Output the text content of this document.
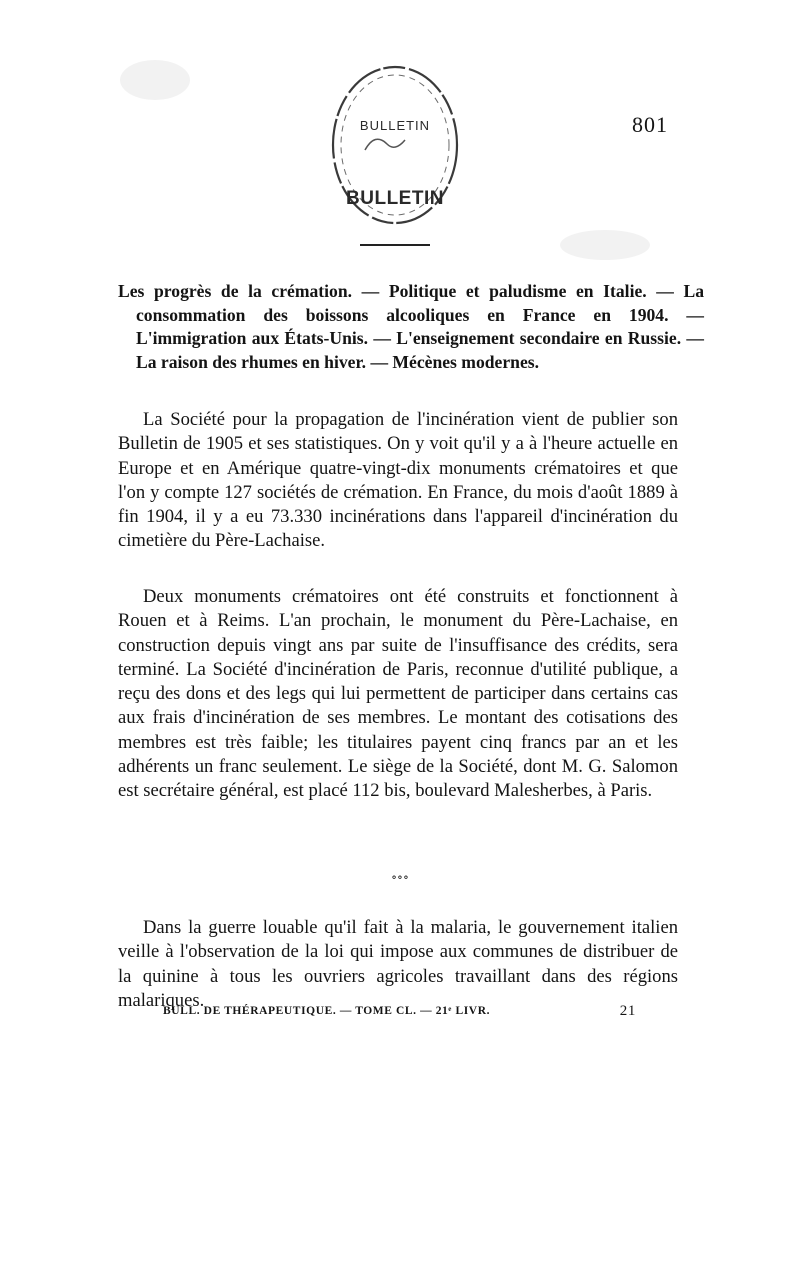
BULLETIN
BULLETIN
801
Les progrès de la crémation. — Politique et paludisme en Italie. — La consommation des boissons alcooliques en France en 1904. — L'immigration aux États-Unis. — L'enseignement secondaire en Russie. — La raison des rhumes en hiver. — Mécènes modernes.

La Société pour la propagation de l'incinération vient de publier son Bulletin de 1905 et ses statistiques. On y voit qu'il y a à l'heure actuelle en Europe et en Amérique quatre-vingt-dix monuments crématoires et que l'on y compte 127 sociétés de crémation. En France, du mois d'août 1889 à fin 1904, il y a eu 73.330 incinérations dans l'appareil d'incinération du cimetière du Père-Lachaise.

Deux monuments crématoires ont été construits et fonctionnent à Rouen et à Reims. L'an prochain, le monument du Père-Lachaise, en construction depuis vingt ans par suite de l'insuffisance des crédits, sera terminé. La Société d'incinération de Paris, reconnue d'utilité publique, a reçu des dons et des legs qui lui permettent de participer dans certains cas aux frais d'incinération de ses membres. Le montant des cotisations des membres est très faible; les titulaires payent cinq francs par an et les adhérents un franc seulement. Le siège de la Société, dont M. G. Salomon est secrétaire général, est placé 112 bis, boulevard Malesherbes, à Paris.

∘∘∘

Dans la guerre louable qu'il fait à la malaria, le gouvernement italien veille à l'observation de la loi qui impose aux communes de distribuer de la quinine à tous les ouvriers agricoles travaillant dans des régions malariques.

BULL. DE THÉRAPEUTIQUE. — TOME CL. — 21ᵉ LIVR.	21
